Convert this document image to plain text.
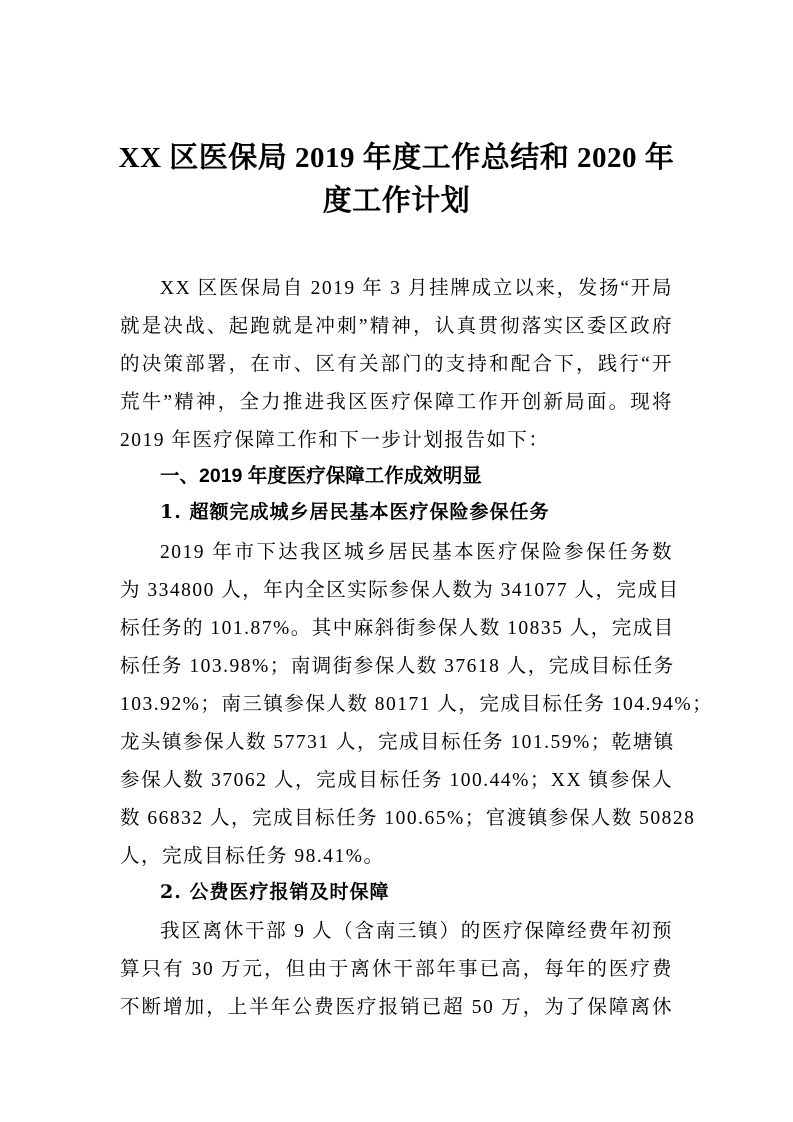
XX 区医保局 2019 年度工作总结和 2020 年
度工作计划
XX 区医保局自 2019 年 3 月挂牌成立以来，发扬“开局
就是决战、起跑就是冲刺”精神，认真贯彻落实区委区政府
的决策部署，在市、区有关部门的支持和配合下，践行“开
荒牛”精神，全力推进我区医疗保障工作开创新局面。现将
2019 年医疗保障工作和下一步计划报告如下：
一、2019 年度医疗保障工作成效明显
1. 超额完成城乡居民基本医疗保险参保任务
2019 年市下达我区城乡居民基本医疗保险参保任务数
为 334800 人，年内全区实际参保人数为 341077 人，完成目
标任务的 101.87%。其中麻斜街参保人数 10835 人，完成目
标任务 103.98%；南调街参保人数 37618 人，完成目标任务
103.92%；南三镇参保人数 80171 人，完成目标任务 104.94%；
龙头镇参保人数 57731 人，完成目标任务 101.59%；乾塘镇
参保人数 37062 人，完成目标任务 100.44%；XX 镇参保人
数 66832 人，完成目标任务 100.65%；官渡镇参保人数 50828
人，完成目标任务 98.41%。
2. 公费医疗报销及时保障
我区离休干部 9 人（含南三镇）的医疗保障经费年初预
算只有 30 万元，但由于离休干部年事已高，每年的医疗费
不断增加，上半年公费医疗报销已超 50 万，为了保障离休
